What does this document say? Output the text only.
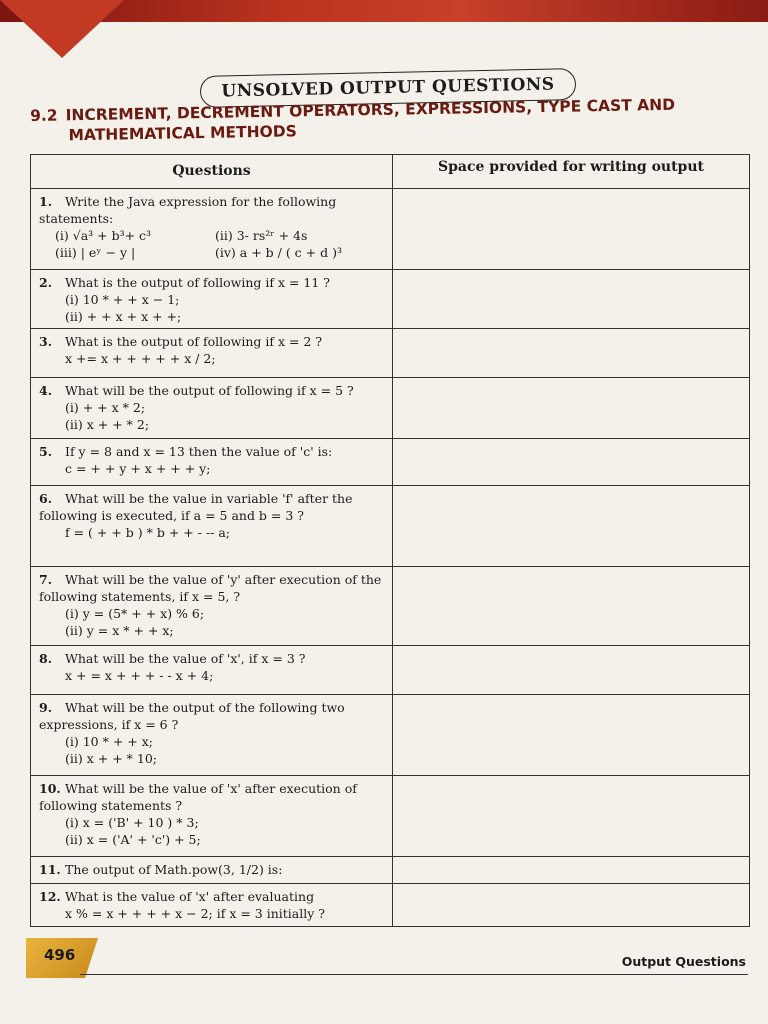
UNSOLVED OUTPUT QUESTIONS
9.2 INCREMENT, DECREMENT OPERATORS, EXPRESSIONS, TYPE CAST AND
MATHEMATICAL METHODS
Questions	Space provided for writing output
1. Write the Java expression for the following statements:
(i) √a³ + b³+ c³	(ii) 3- rs²ʳ + 4s
(iii) | eʸ − y |	(iv) a + b / ( c + d )³
2. What is the output of following if x = 11 ?
(i) 10 * + + x − 1;
(ii) + + x + x + +;
3. What is the output of following if x = 2 ?
x += x + + + + + x / 2;
4. What will be the output of following if x = 5 ?
(i) + + x * 2;
(ii) x + + * 2;
5. If y = 8 and x = 13 then the value of 'c' is:
c = + + y + x + + + y;
6. What will be the value in variable 'f' after the following is executed, if a = 5 and b = 3 ?
f = ( + + b ) * b + + - -- a;
7. What will be the value of 'y' after execution of the following statements, if x = 5, ?
(i) y = (5* + + x) % 6;
(ii) y = x * + + x;
8. What will be the value of 'x', if x = 3 ?
x + = x + + + - - x + 4;
9. What will be the output of the following two expressions, if x = 6 ?
(i) 10 * + + x;
(ii) x + + * 10;
10. What will be the value of 'x' after execution of following statements ?
(i) x = ('B' + 10 ) * 3;
(ii) x = ('A' + 'c') + 5;
11. The output of Math.pow(3, 1/2) is:
12. What is the value of 'x' after evaluating
x % = x + + + + x − 2; if x = 3 initially ?
496	Output Questions
